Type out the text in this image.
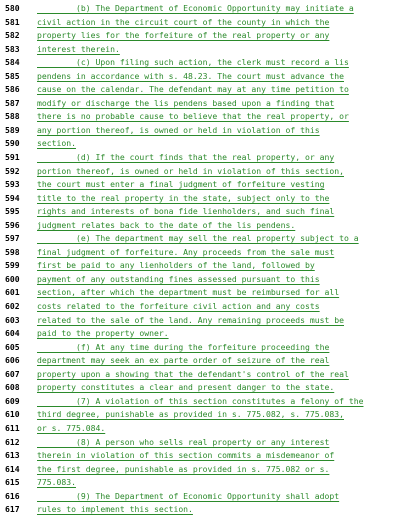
580	(b) The Department of Economic Opportunity may initiate a
581	civil action in the circuit court of the county in which the
582	property lies for the forfeiture of the real property or any
583	interest therein.
584	(c) Upon filing such action, the clerk must record a lis
585	pendens in accordance with s. 48.23. The court must advance the
586	cause on the calendar. The defendant may at any time petition to
587	modify or discharge the lis pendens based upon a finding that
588	there is no probable cause to believe that the real property, or
589	any portion thereof, is owned or held in violation of this
590	section.
591	(d) If the court finds that the real property, or any
592	portion thereof, is owned or held in violation of this section,
593	the court must enter a final judgment of forfeiture vesting
594	title to the real property in the state, subject only to the
595	rights and interests of bona fide lienholders, and such final
596	judgment relates back to the date of the lis pendens.
597	(e) The department may sell the real property subject to a
598	final judgment of forfeiture. Any proceeds from the sale must
599	first be paid to any lienholders of the land, followed by
600	payment of any outstanding fines assessed pursuant to this
601	section, after which the department must be reimbursed for all
602	costs related to the forfeiture civil action and any costs
603	related to the sale of the land. Any remaining proceeds must be
604	paid to the property owner.
605	(f) At any time during the forfeiture proceeding the
606	department may seek an ex parte order of seizure of the real
607	property upon a showing that the defendant's control of the real
608	property constitutes a clear and present danger to the state.
609	(7) A violation of this section constitutes a felony of the
610	third degree, punishable as provided in s. 775.082, s. 775.083,
611	or s. 775.084.
612	(8) A person who sells real property or any interest
613	therein in violation of this section commits a misdemeanor of
614	the first degree, punishable as provided in s. 775.082 or s.
615	775.083.
616	(9) The Department of Economic Opportunity shall adopt
617	rules to implement this section.
